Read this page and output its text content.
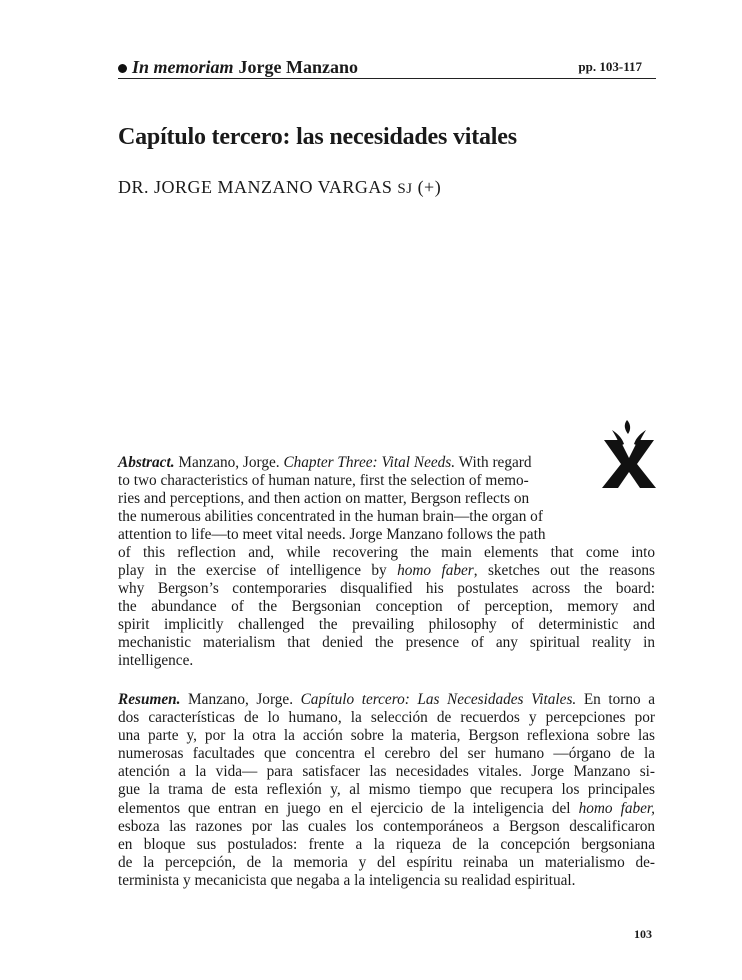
In memoriam Jorge Manzano	pp. 103-117
Capítulo tercero: las necesidades vitales

DR. JORGE MANZANO VARGAS SJ (+)

Abstract. Manzano, Jorge. Chapter Three: Vital Needs. With regard
to two characteristics of human nature, first the selection of memo-
ries and perceptions, and then action on matter, Bergson reflects on
the numerous abilities concentrated in the human brain—the organ of
attention to life—to meet vital needs. Jorge Manzano follows the path
of this reflection and, while recovering the main elements that come into
play in the exercise of intelligence by homo faber, sketches out the reasons
why Bergson’s contemporaries disqualified his postulates across the board:
the abundance of the Bergsonian conception of perception, memory and
spirit implicitly challenged the prevailing philosophy of deterministic and
mechanistic materialism that denied the presence of any spiritual reality in
intelligence.

Resumen. Manzano, Jorge. Capítulo tercero: Las Necesidades Vitales. En torno a
dos características de lo humano, la selección de recuerdos y percepciones por
una parte y, por la otra la acción sobre la materia, Bergson reflexiona sobre las
numerosas facultades que concentra el cerebro del ser humano —órgano de la
atención a la vida— para satisfacer las necesidades vitales. Jorge Manzano si-
gue la trama de esta reflexión y, al mismo tiempo que recupera los principales
elementos que entran en juego en el ejercicio de la inteligencia del homo faber,
esboza las razones por las cuales los contemporáneos a Bergson descalificaron
en bloque sus postulados: frente a la riqueza de la concepción bergsoniana
de la percepción, de la memoria y del espíritu reinaba un materialismo de-
terminista y mecanicista que negaba a la inteligencia su realidad espiritual.

103
